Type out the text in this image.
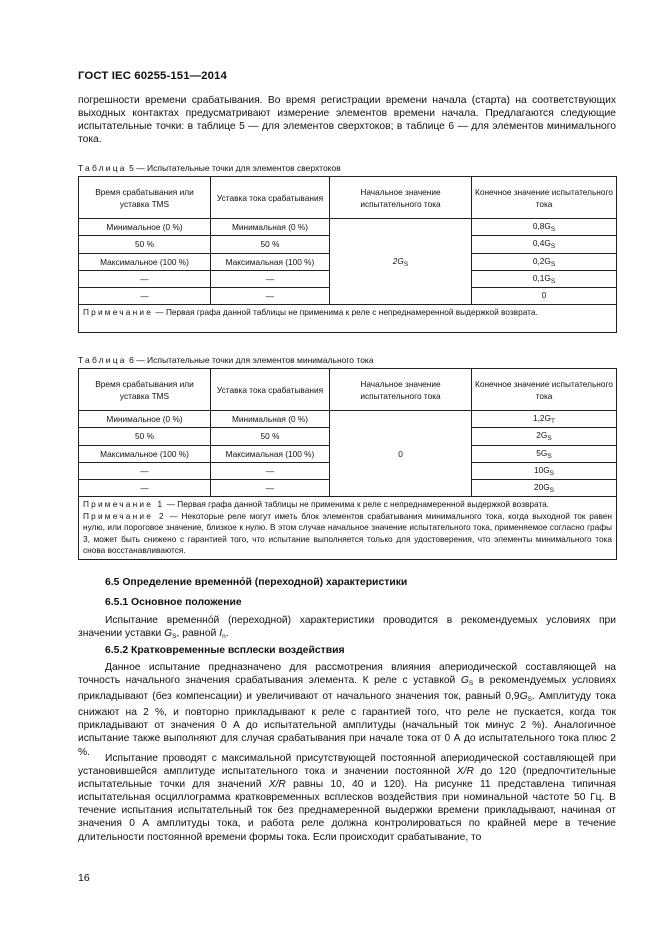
ГОСТ IEC 60255-151—2014
погрешности времени срабатывания. Во время регистрации времени начала (старта) на соответствующих выходных контактах предусматривают измерение элементов времени начала. Предлагаются следующие испытательные точки: в таблице 5 — для элементов сверхтоков; в таблице 6 — для элементов минимального тока.
Таблица 5 — Испытательные точки для элементов сверхтоков
Время срабатывания или уставка TMS	Уставка тока срабатывания	Начальное значение испытательного тока	Конечное значение испытательного тока
Минимальное (0 %)	Минимальная (0 %)	$2G_S$	$0,8G_S$
50 %	50 %		$0,4G_S$
Максимальное (100 %)	Максимальная (100 %)		$0,2G_S$
—	—		$0,1G_S$
—	—		0
Примечание — Первая графа данной таблицы не применима к реле с непреднамеренной выдержкой возврата.			
Таблица 6 — Испытательные точки для элементов минимального тока
Время срабатывания или уставка TMS	Уставка тока срабатывания	Начальное значение испытательного тока	Конечное значение испытательного тока
Минимальное (0 %)	Минимальная (0 %)	0	$1,2G_T$
50 %	50 %		$2G_S$
Максимальное (100 %)	Максимальная (100 %)		$5G_S$
—	—		$10G_S$
—	—		$20G_S$

Примечание 1 — Первая графа данной таблицы не применима к реле с непреднамеренной выдержкой возврата.
Примечание 2 — Некоторые реле могут иметь блок элементов срабатывания минимального тока, когда выходной ток равен нулю, или пороговое значение, близкое к нулю. В этом случае начальное значение испытательного тока, применяемое согласно графы 3, может быть снижено с гарантией того, что испытание выполняется только для удостоверения, что элементы минимального тока снова восстанавливаются.			
6.5 Определение временно́й (переходной) характеристики
6.5.1 Основное положение
Испытание временно́й (переходной) характеристики проводится в рекомендуемых условиях при значении уставки $G_S$, равной $I_n$.
6.5.2 Кратковременные всплески воздействия
Данное испытание предназначено для рассмотрения влияния апериодической составляющей на точность начального значения срабатывания элемента. К реле с уставкой $G_S$ в рекомендуемых условиях прикладывают (без компенсации) и увеличивают от начального значения ток, равный $0,9G_S$. Амплитуду тока снижают на 2 %, и повторно прикладывают к реле с гарантией того, что реле не пускается, когда ток прикладывают от значения 0 А до испытательной амплитуды (начальный ток минус 2 %). Аналогичное испытание также выполняют для случая срабатывания при начале тока от 0 А до испытательного тока плюс 2 %.
Испытание проводят с максимальной присутствующей постоянной апериодической составляющей при установившейся амплитуде испытательного тока и значении постоянной X/R до 120 (предпочтительные испытательные точки для значений X/R равны 10, 40 и 120). На рисунке 11 представлена типичная испытательная осциллограмма кратковременных всплесков воздействия при номинальной частоте 50 Гц. В течение испытания испытательный ток без преднамеренной выдержки времени прикладывают, начиная от значения 0 А амплитуды тока, и работа реле должна контролироваться по крайней мере в течение длительности постоянной времени формы тока. Если происходит срабатывание, то
16
